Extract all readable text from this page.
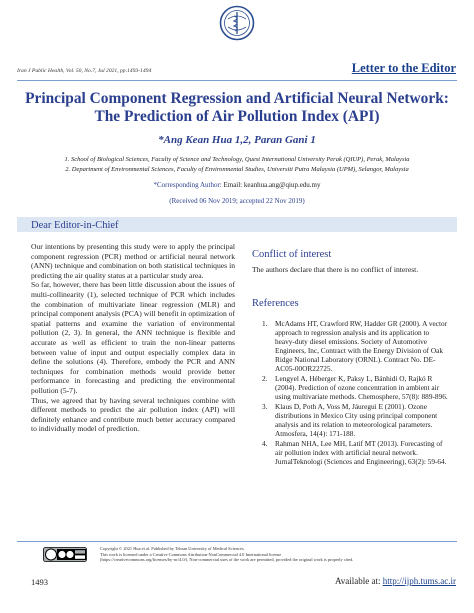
Iran J Public Health, Vol. 50, No.7, Jul 2021, pp.1493-1494	Letter to the Editor
Principal Component Regression and Artificial Neural Network:
The Prediction of Air Pollution Index (API)
*Ang Kean Hua 1,2, Paran Gani 1
1. School of Biological Sciences, Faculty of Science and Technology, Quest International University Perak (QIUP), Perak, Malaysia
2. Department of Environmental Sciences, Faculty of Environmental Studies, Universiti Putra Malaysia (UPM), Selangor, Malaysia
*Corresponding Author: Email: keanhua.ang@qiup.edu.my
(Received 06 Nov 2019; accepted 22 Nov 2019)
Dear Editor-in-Chief

Our intentions by presenting this study were to apply the principal component regression (PCR) method or artificial neural network (ANN) technique and combination on both statistical techniques in predicting the air quality status at a particular study area.

So far, however, there has been little discussion about the issues of multi-collinearity (1), selected technique of PCR which includes the combination of multivariate linear regression (MLR) and principal component analysis (PCA) will benefit in optimization of spatial patterns and examine the variation of environmental pollution (2, 3). In general, the ANN technique is flexible and accurate as well as efficient to train the non-linear patterns between value of input and output especially complex data in define the solutions (4). Therefore, embody the PCR and ANN techniques for combination methods would provide better performance in forecasting and predicting the environmental pollution (5-7).

Thus, we agreed that by having several techniques combine with different methods to predict the air pollution index (API) will definitely enhance and contribute much better accuracy compared to individually model of prediction.

Conflict of interest
The authors declare that there is no conflict of interest.
References
1. McAdams HT, Crawford RW, Hadder GR (2000). A vector approach to regression analysis and its application to heavy-duty diesel emissions. Society of Automotive Engineers, Inc, Contract with the Energy Division of Oak Ridge National Laboratory (ORNL). Contract No. DE-AC05-00OR22725.
2. Lengyel A, Héberger K, Paksy L, Bánhidi O, Rajkó R (2004). Prediction of ozone concentration in ambient air using multivariate methods. Chemosphere, 57(8): 889-896.
3. Klaus D, Poth A, Voss M, Jáuregui E (2001). Ozone distributions in Mexico City using principal component analysis and its relation to meteorological parameters. Atmosfera, 14(4): 171-188.
4. Rahman NHA, Lee MH, Latif MT (2013). Forecasting of air pollution index with artificial neural network. JurnalTeknologi (Sciences and Engineering), 63(2): 59-64.
Copyright © 2021 Hua et al. Published by Tehran University of Medical Sciences.
This work is licensed under a Creative Commons Attribution-NonCommercial 4.0 International license
(https://creativecommons.org/licenses/by-nc/4.0/). Non-commercial uses of the work are permitted, provided the original work is properly cited.
1493	Available at: http://ijph.tums.ac.ir
